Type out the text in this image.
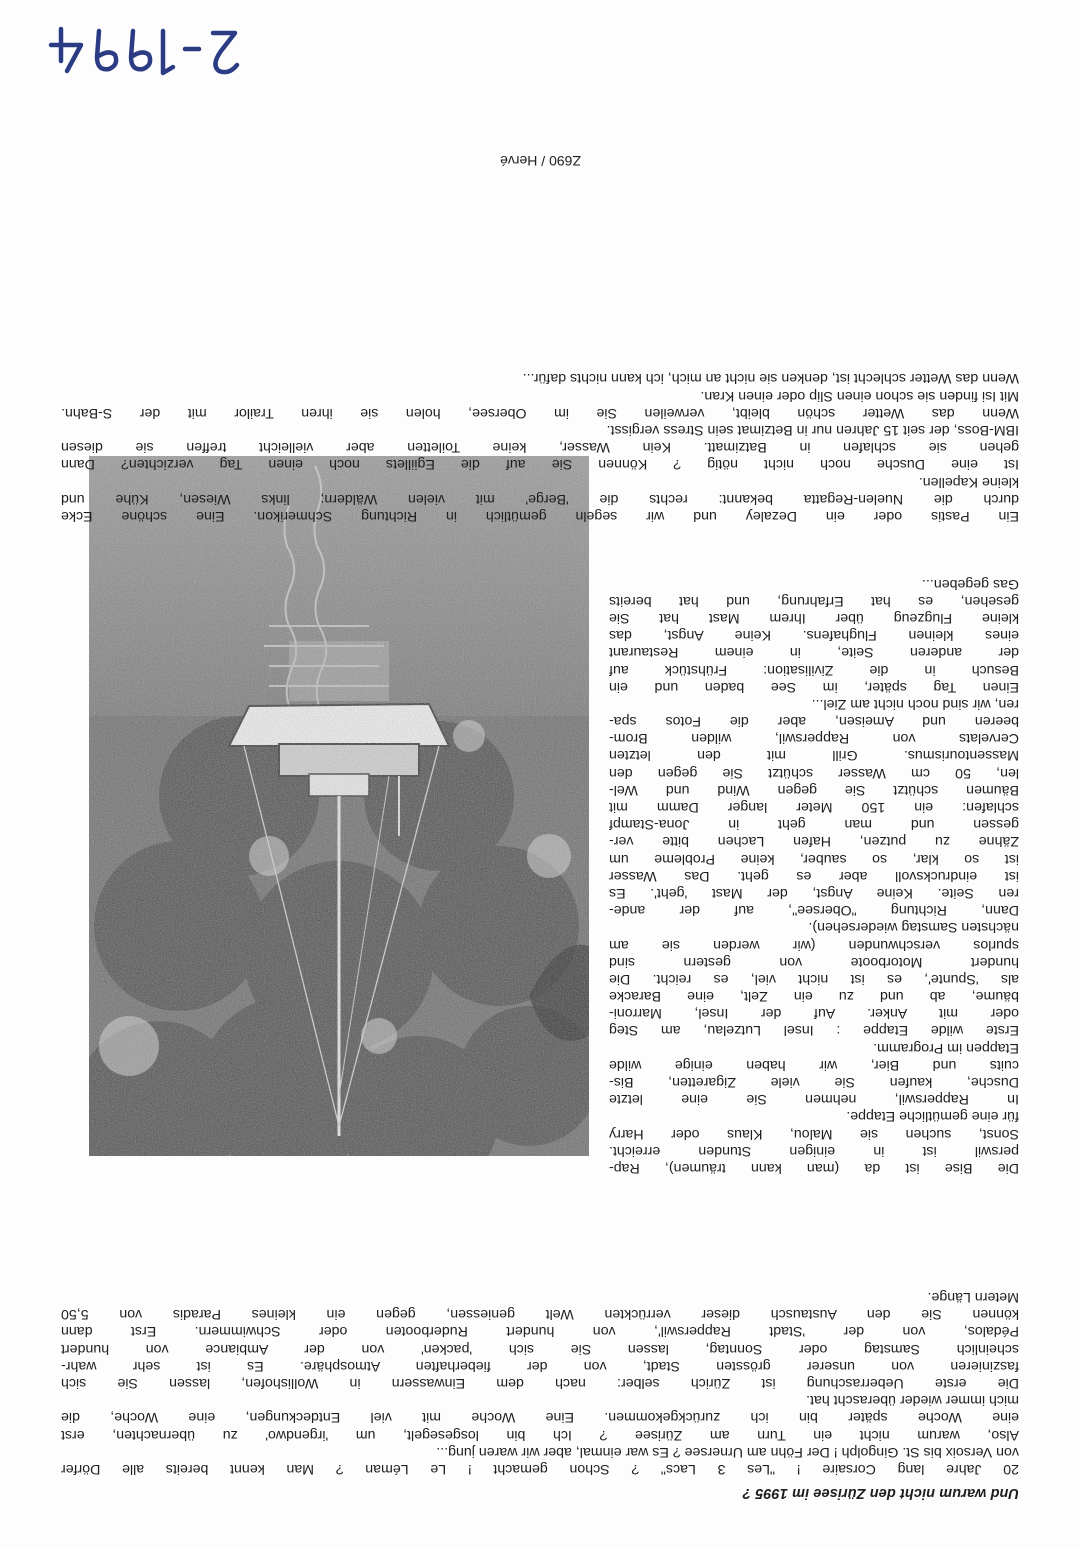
Und warum nicht den Zürisee im 1995 ?
20 Jahre lang Corsaire ! "Les 3 Lacs" ? Schon gemacht ! Le Léman ? Man kennt bereits alle Dörfer
von Versoix bis St. Gingolph ! Der Föhn am Urnersee ? Es war einmal, aber wir waren jung...
Also, warum nicht ein Turn am Zürisee ? Ich bin losgesegelt, um 'irgendwo' zu übernachten, erst
eine Woche später bin ich zurückgekommen. Eine Woche mit viel Entdeckungen, eine Woche, die
mich immer wieder überascht hat.
Die erste Ueberraschung ist Zürich selber: nach dem Einwassern in Wollishofen, lassen Sie sich
faszinieren von unserer grössten Stadt, von der fieberhaften Atmosphäre. Es ist sehr wahr-
scheinlich Samstag oder Sonntag, lassen Sie sich 'packen' von der Ambiance von hundert
Pédalos, von der 'Stadt Rapperswil', von hundert Ruderbooten oder Schwimmern. Erst dann
können Sie den Austausch dieser verrückten Welt geniessen, gegen ein kleines Paradis von 5,50
Metern Länge.
Die Bise ist da (man kann träumen), Rap-
perswil ist in einigen Stunden erreicht.
Sonst, suchen sie Malou, Klaus oder Harry
für eine gemütliche Etappe.
In Rapperswil, nehmen Sie eine letzte
Dusche, kaufen Sie viele Zigaretten, Bis-
cuits und Bier, wir haben einige wilde
Etappen im Programm.
Erste wilde Etappe : Insel Lutzelau, am Steg
oder mit Anker. Auf der Insel, Marroni-
bäume, ab und zu ein Zelt, eine Baracke
als 'Spunte', es ist nicht viel, es reicht. Die
hundert Motorboote von gestern sind
spurlos verschwunden (wir werden sie am
nächsten Samstag wiedersehen).
Dann, Richtung "Obersee", auf der ande-
ren Seite. Keine Angst, der Mast 'geht'. Es
ist eindrucksvoll aber es geht. Das Wasser
ist so klar, so sauber, keine Probleme um
Zähne zu putzen, Hafen Lachen bitte ver-
gessen und man geht in Jona-Stampf
schlafen: ein 150 Meter langer Damm mit
Bäumen schützt Sie gegen Wind und Wel-
len, 50 cm Wasser schützt Sie gegen den
Massentourismus. Grill mit den letzten
Cervelats von Rapperswil, wilden Brom-
beeren und Ameisen, aber die Fotos spa-
ren, wir sind noch nicht am Ziel...
Einen Tag später, im See baden und ein
Besuch in die Zivilisation: Frühstück auf
der anderen Seite, in einem Restaurant
eines kleinen Flughafens. Keine Angst, das
kleine Flugzeug über Ihrem Mast hat Sie
gesehen, es hat Erfahrung, und hat bereits
Gas gegeben...
Ein Pastis oder ein Dezaley und wir segeln gemütlich in Richtung Schmerikon. Eine schöne Ecke
durch die Nuelen-Regatta bekannt: rechts die 'Berge' mit vielen Wäldern; links Wiesen, Kühe und
kleine Kapellen.
Ist eine Dusche noch nicht nötig ? Können Sie auf die Egiillets noch einen Tag verzichten? Dann
gehen sie schlafen in Batzimatt. Kein Wasser, keine Toiletten aber vielleicht treffen sie diesen
IBM-Boss, der seit 15 Jahren nur in Betzimat sein Stress vergisst.
Wenn das Wetter schön bleibt, verweilen Sie im Obersee, holen sie ihren Trailor mit der S-Bahn.
Mit Isi finden sie schon einen Slip oder einen Kran.
Wenn das Wetter schlecht ist, denken sie nicht an mich, ich kann nichts dafür...
Z690 / Hervé
